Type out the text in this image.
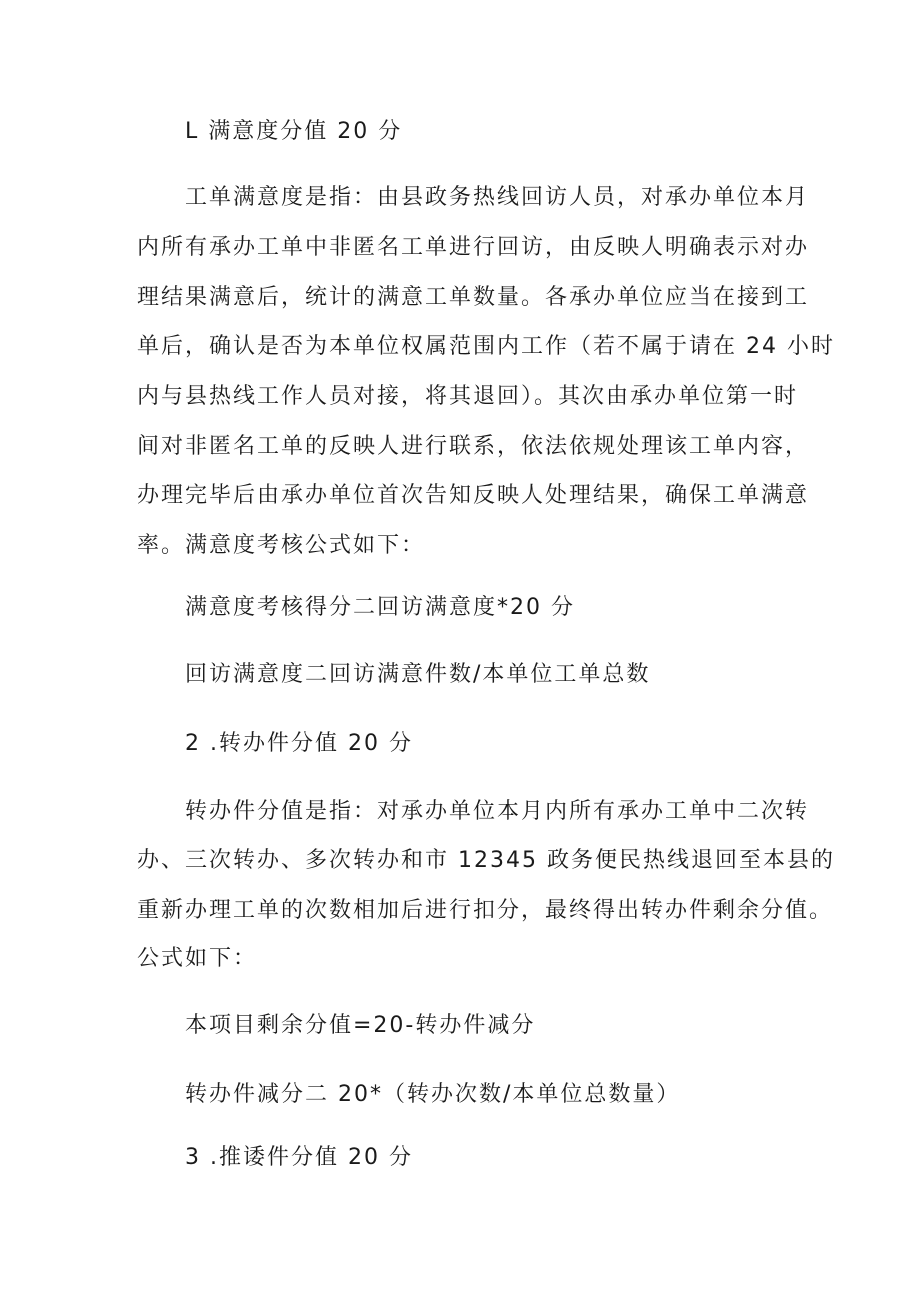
L 满意度分值 20 分
工单满意度是指：由县政务热线回访人员，对承办单位本月
内所有承办工单中非匿名工单进行回访，由反映人明确表示对办
理结果满意后，统计的满意工单数量。各承办单位应当在接到工
单后，确认是否为本单位权属范围内工作（若不属于请在 24 小时
内与县热线工作人员对接，将其退回）。其次由承办单位第一时
间对非匿名工单的反映人进行联系，依法依规处理该工单内容，
办理完毕后由承办单位首次告知反映人处理结果，确保工单满意
率。满意度考核公式如下：
满意度考核得分二回访满意度*20 分
回访满意度二回访满意件数/本单位工单总数
2 .转办件分值 20 分
转办件分值是指：对承办单位本月内所有承办工单中二次转
办、三次转办、多次转办和市 12345 政务便民热线退回至本县的
重新办理工单的次数相加后进行扣分，最终得出转办件剩余分值。
公式如下：
本项目剩余分值=20-转办件减分
转办件减分二 20*（转办次数/本单位总数量）
3 .推诿件分值 20 分
